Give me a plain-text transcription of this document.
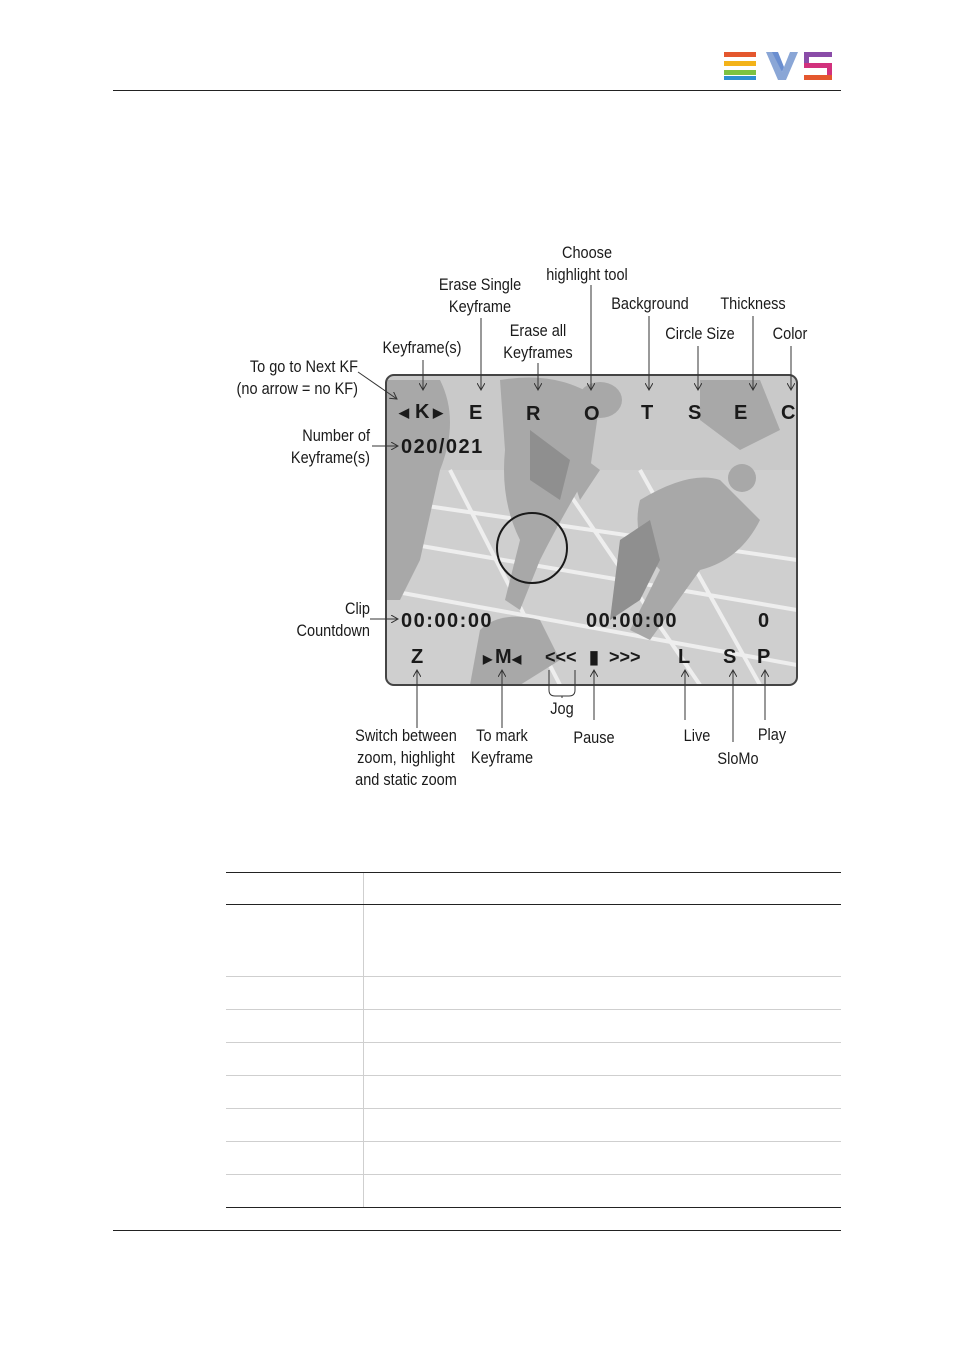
Choose
highlight tool
Erase Single
Keyframe	Background	Thickness
Erase all
Keyframes
Circle Size	Color
Keyframe(s)
To go to Next KF
(no arrow = no KF)
Number of
Keyframe(s)
Clip
Countdown
Switch between
zoom, highlight
and static zoom
To mark
Keyframe
Jog
Pause	Live	Play
SloMo
◀ K ▶ E R O T S E C
020/021
00:00:00	00:00:00	0
Z	▶ M ◀ <<< ▮ >>> L S P
